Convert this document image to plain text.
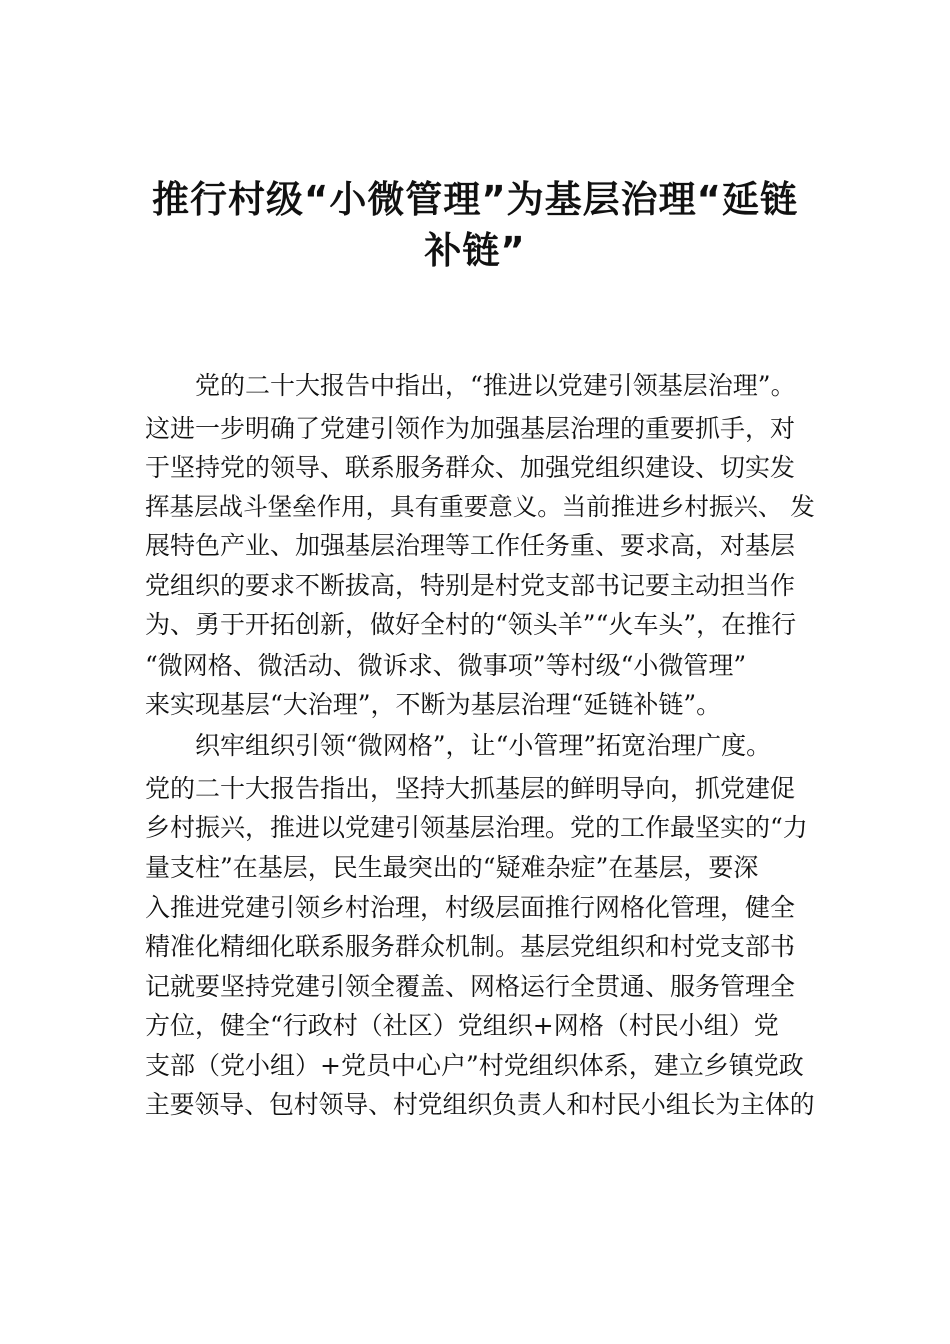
推行村级“小微管理”为基层治理“延链
补链”
党的二十大报告中指出，“推进以党建引领基层治理”。
这进一步明确了党建引领作为加强基层治理的重要抓手，对
于坚持党的领导、联系服务群众、加强党组织建设、切实发
挥基层战斗堡垒作用，具有重要意义。当前推进乡村振兴、 发
展特色产业、加强基层治理等工作任务重、要求高，对基层
党组织的要求不断拔高，特别是村党支部书记要主动担当作
为、勇于开拓创新，做好全村的“领头羊”“火车头”，在推行
“微网格、微活动、微诉求、微事项”等村级“小微管理”
来实现基层“大治理”，不断为基层治理“延链补链”。
织牢组织引领“微网格”，让“小管理”拓宽治理广度。
党的二十大报告指出，坚持大抓基层的鲜明导向，抓党建促
乡村振兴，推进以党建引领基层治理。党的工作最坚实的“力
量支柱”在基层，民生最突出的“疑难杂症”在基层，要深
入推进党建引领乡村治理，村级层面推行网格化管理，健全
精准化精细化联系服务群众机制。基层党组织和村党支部书
记就要坚持党建引领全覆盖、网格运行全贯通、服务管理全
方位，健全“行政村（社区）党组织+网格（村民小组）党
支部（党小组）+党员中心户”村党组织体系，建立乡镇党政
主要领导、包村领导、村党组织负责人和村民小组长为主体的
